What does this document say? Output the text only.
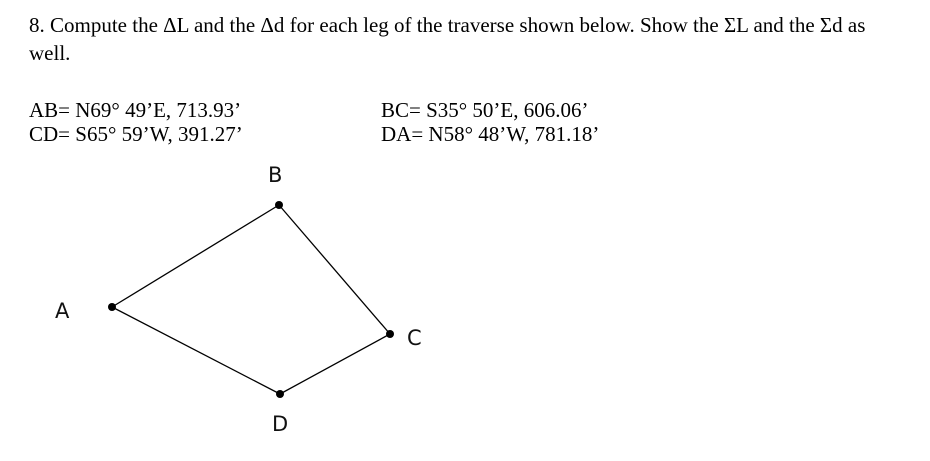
8. Compute the ΔL and the Δd for each leg of the traverse shown below. Show the ΣL and the Σd as well.
AB= N69° 49’E, 713.93’
CD= S65° 59’W, 391.27’
BC= S35° 50’E, 606.06’
DA= N58° 48’W, 781.18’
A
B
C
D
